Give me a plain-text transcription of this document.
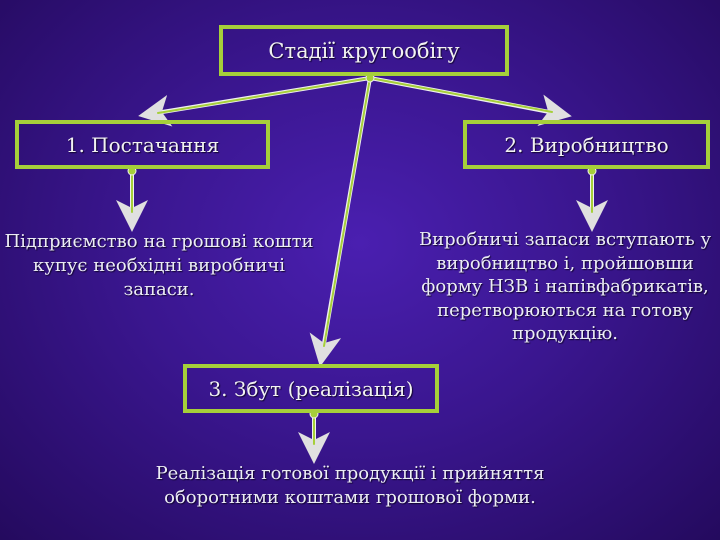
Стадії кругообігу
1. Постачання	2. Виробництво
3. Збут (реалізація)
Підприємство на грошові кошти купує необхідні виробничі запаси.
Виробничі запаси вступають у виробництво і, пройшовши форму НЗВ і напівфабрикатів, перетворюються на готову продукцію.
Реалізація готової продукції і прийняття оборотними коштами грошової форми.
